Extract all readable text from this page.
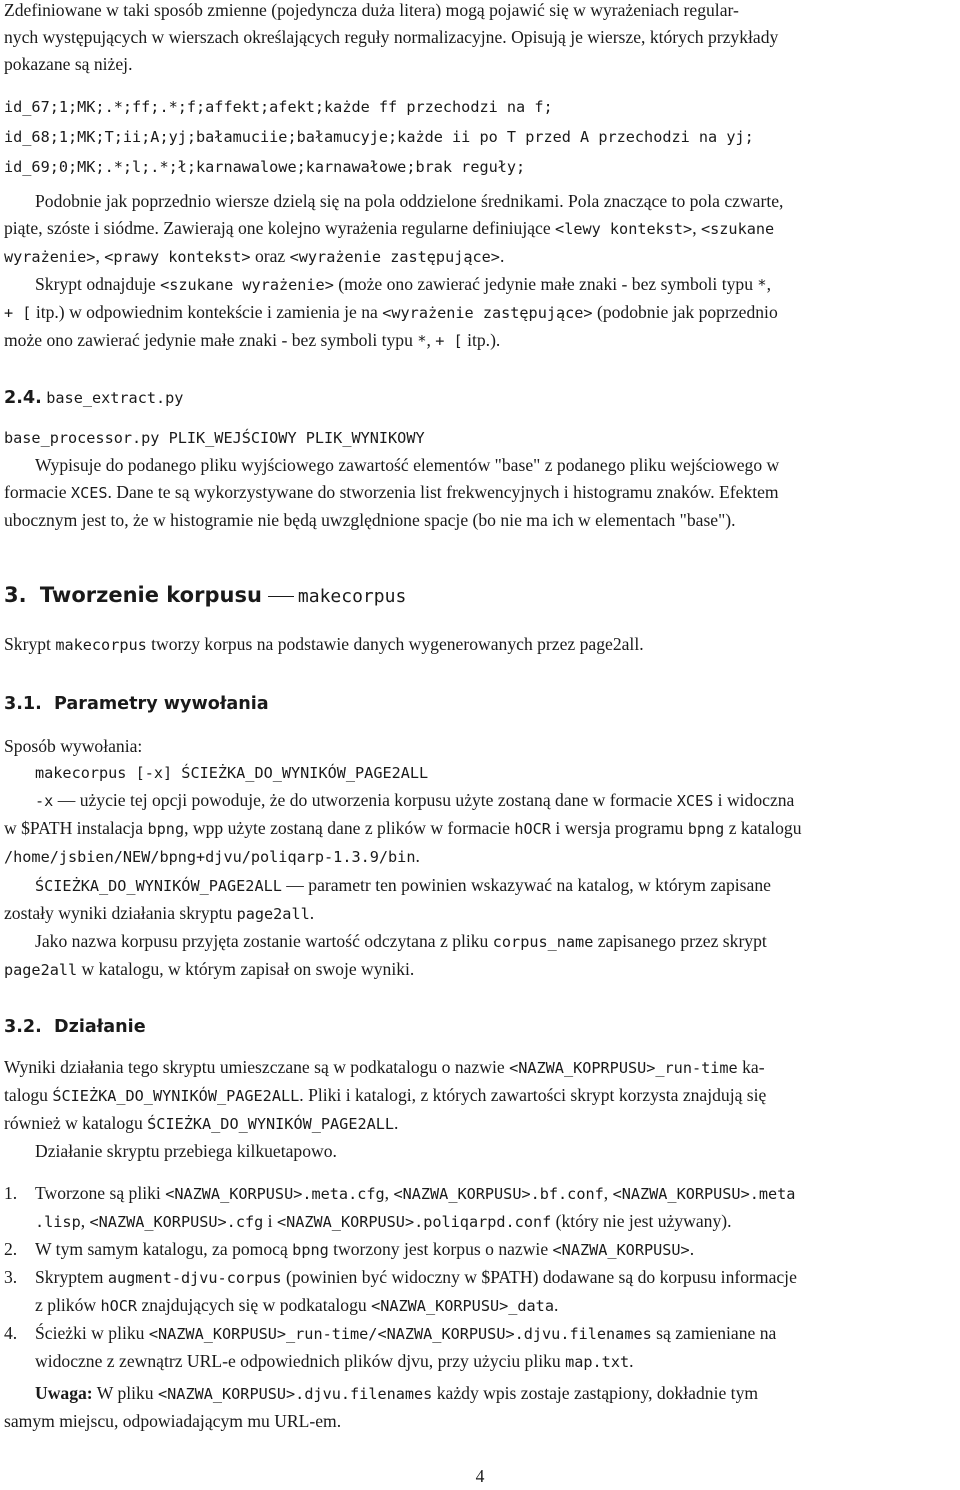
Zdefiniowane w taki sposób zmienne (pojedyncza duża litera) mogą pojawić się w wyrażeniach regular-
nych występujących w wierszach określających reguły normalizacyjne. Opisują je wiersze, których przykłady
pokazane są niżej.

id_67;1;MK;.*;ff;.*;f;affekt;afekt;każde ff przechodzi na f;
id_68;1;MK;T;ii;A;yj;bałamuciie;bałamucyje;każde ii po T przed A przechodzi na yj;
id_69;0;MK;.*;l;.*;ł;karnawalowe;karnawałowe;brak reguły;

Podobnie jak poprzednio wiersze dzielą się na pola oddzielone średnikami. Pola znaczące to pola czwarte,
piąte, szóste i siódme. Zawierają one kolejno wyrażenia regularne definiujące <lewy kontekst>, <szukane
wyrażenie>, <prawy kontekst> oraz <wyrażenie zastępujące>.
Skrypt odnajduje <szukane wyrażenie> (może ono zawierać jedynie małe znaki - bez symboli typu *,
+ [ itp.) w odpowiednim kontekście i zamienia je na <wyrażenie zastępujące> (podobnie jak poprzednio
może ono zawierać jedynie małe znaki - bez symboli typu *, + [ itp.).

2.4. base_extract.py
base_processor.py PLIK_WEJŚCIOWY PLIK_WYNIKOWY
Wypisuje do podanego pliku wyjściowego zawartość elementów "base" z podanego pliku wejściowego w
formacie XCES. Dane te są wykorzystywane do stworzenia list frekwencyjnych i histogramu znaków. Efektem
ubocznym jest to, że w histogramie nie będą uwzględnione spacje (bo nie ma ich w elementach "base").
3. Tworzenie korpusu makecorpus

Skrypt makecorpus tworzy korpus na podstawie danych wygenerowanych przez page2all.

3.1. Parametry wywołania
Sposób wywołania:
makecorpus [-x] ŚCIEŻKA_DO_WYNIKÓW_PAGE2ALL
-x — użycie tej opcji powoduje, że do utworzenia korpusu użyte zostaną dane w formacie XCES i widoczna
w $PATH instalacja bpng, wpp użyte zostaną dane z plików w formacie hOCR i wersja programu bpng z katalogu
/home/jsbien/NEW/bpng+djvu/poliqarp-1.3.9/bin.
ŚCIEŻKA_DO_WYNIKÓW_PAGE2ALL — parametr ten powinien wskazywać na katalog, w którym zapisane
zostały wyniki działania skryptu page2all.
Jako nazwa korpusu przyjęta zostanie wartość odczytana z pliku corpus_name zapisanego przez skrypt
page2all w katalogu, w którym zapisał on swoje wyniki.
3.2. Działanie
Wyniki działania tego skryptu umieszczane są w podkatalogu o nazwie <NAZWA_KOPRPUSU>_run-time ka-
talogu ŚCIEŻKA_DO_WYNIKÓW_PAGE2ALL. Pliki i katalogi, z których zawartości skrypt korzysta znajdują się
również w katalogu ŚCIEŻKA_DO_WYNIKÓW_PAGE2ALL.
Działanie skryptu przebiega kilkuetapowo.
1. Tworzone są pliki <NAZWA_KORPUSU>.meta.cfg, <NAZWA_KORPUSU>.bf.conf, <NAZWA_KORPUSU>.meta
.lisp, <NAZWA_KORPUSU>.cfg i <NAZWA_KORPUSU>.poliqarpd.conf (który nie jest używany).
2. W tym samym katalogu, za pomocą bpng tworzony jest korpus o nazwie <NAZWA_KORPUSU>.
3. Skryptem augment-djvu-corpus (powinien być widoczny w $PATH) dodawane są do korpusu informacje
z plików hOCR znajdujących się w podkatalogu <NAZWA_KORPUSU>_data.
4. Ścieżki w pliku <NAZWA_KORPUSU>_run-time/<NAZWA_KORPUSU>.djvu.filenames są zamieniane na
widoczne z zewnątrz URL-e odpowiednich plików djvu, przy użyciu pliku map.txt.
Uwaga: W pliku <NAZWA_KORPUSU>.djvu.filenames każdy wpis zostaje zastąpiony, dokładnie tym
samym miejscu, odpowiadającym mu URL-em.
4
